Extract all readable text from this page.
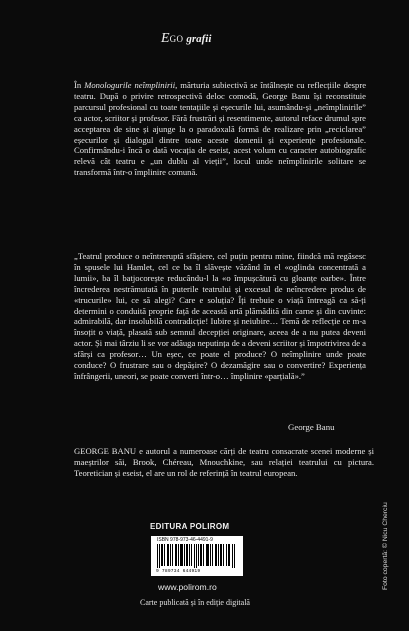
EGO grafii

În Monologurile neîmplinirii, mărturia subiectivă se întâlnește cu reflecțiile despre teatru. După o privire retrospectivă deloc comodă, George Banu își reconstituie parcursul profesional cu toate tentațiile și eșecurile lui, asumându-și „neîmplinirile” ca actor, scriitor și profesor. Fără frustrări și resentimente, autorul reface drumul spre acceptarea de sine și ajunge la o paradoxală formă de realizare prin „reciclarea” eșecurilor și dialogul dintre toate aceste domenii și experiențe profesionale. Confirmându-i încă o dată vocația de eseist, acest volum cu caracter autobiografic relevă cât teatru e „un dublu al vieții”, locul unde neîmplinirile solitare se transformă într-o împlinire comună.

„Teatrul produce o neîntreruptă sfâșiere, cel puțin pentru mine, fiindcă mă regăsesc în spusele lui Hamlet, cel ce ba îl slăvește văzând în el «oglinda concentrată a lumii», ba îl batjocorește reducându-l la «o împușcătură cu gloanțe oarbe». Între încrederea nestrămutată în puterile teatrului și excesul de neîncredere produs de «trucurile» lui, ce să alegi? Care e soluția? Îți trebuie o viață întreagă ca să-ți determini o conduită proprie față de această artă plămădită din carne și din cuvinte: admirabilă, dar insolubilă contradicție! Iubire și neiubire… Temă de reflecție ce m-a însoțit o viață, plasată sub semnul decepției originare, aceea de a nu putea deveni actor. Și mai târziu li se vor adăuga neputința de a deveni scriitor și împotrivirea de a sfârși ca profesor… Un eșec, ce poate el produce? O neîmplinire unde poate conduce? O frustrare sau o depășire? O dezamăgire sau o convertire? Experiența înfrângerii, uneori, se poate converti într-o… împlinire «parțială».”

George Banu

GEORGE BANU e autorul a numeroase cărți de teatru consacrate scenei moderne și maeștrilor săi, Brook, Chéreau, Mnouchkine, sau relației teatrului cu pictura. Teoretician și eseist, el are un rol de referință în teatrul european.

EDITURA POLIROM
ISBN 978-973-46-4491-9
9 789734 644919
www.polirom.ro
Carte publicată și în ediție digitală
Foto copertă: © Nicu Cherciu
